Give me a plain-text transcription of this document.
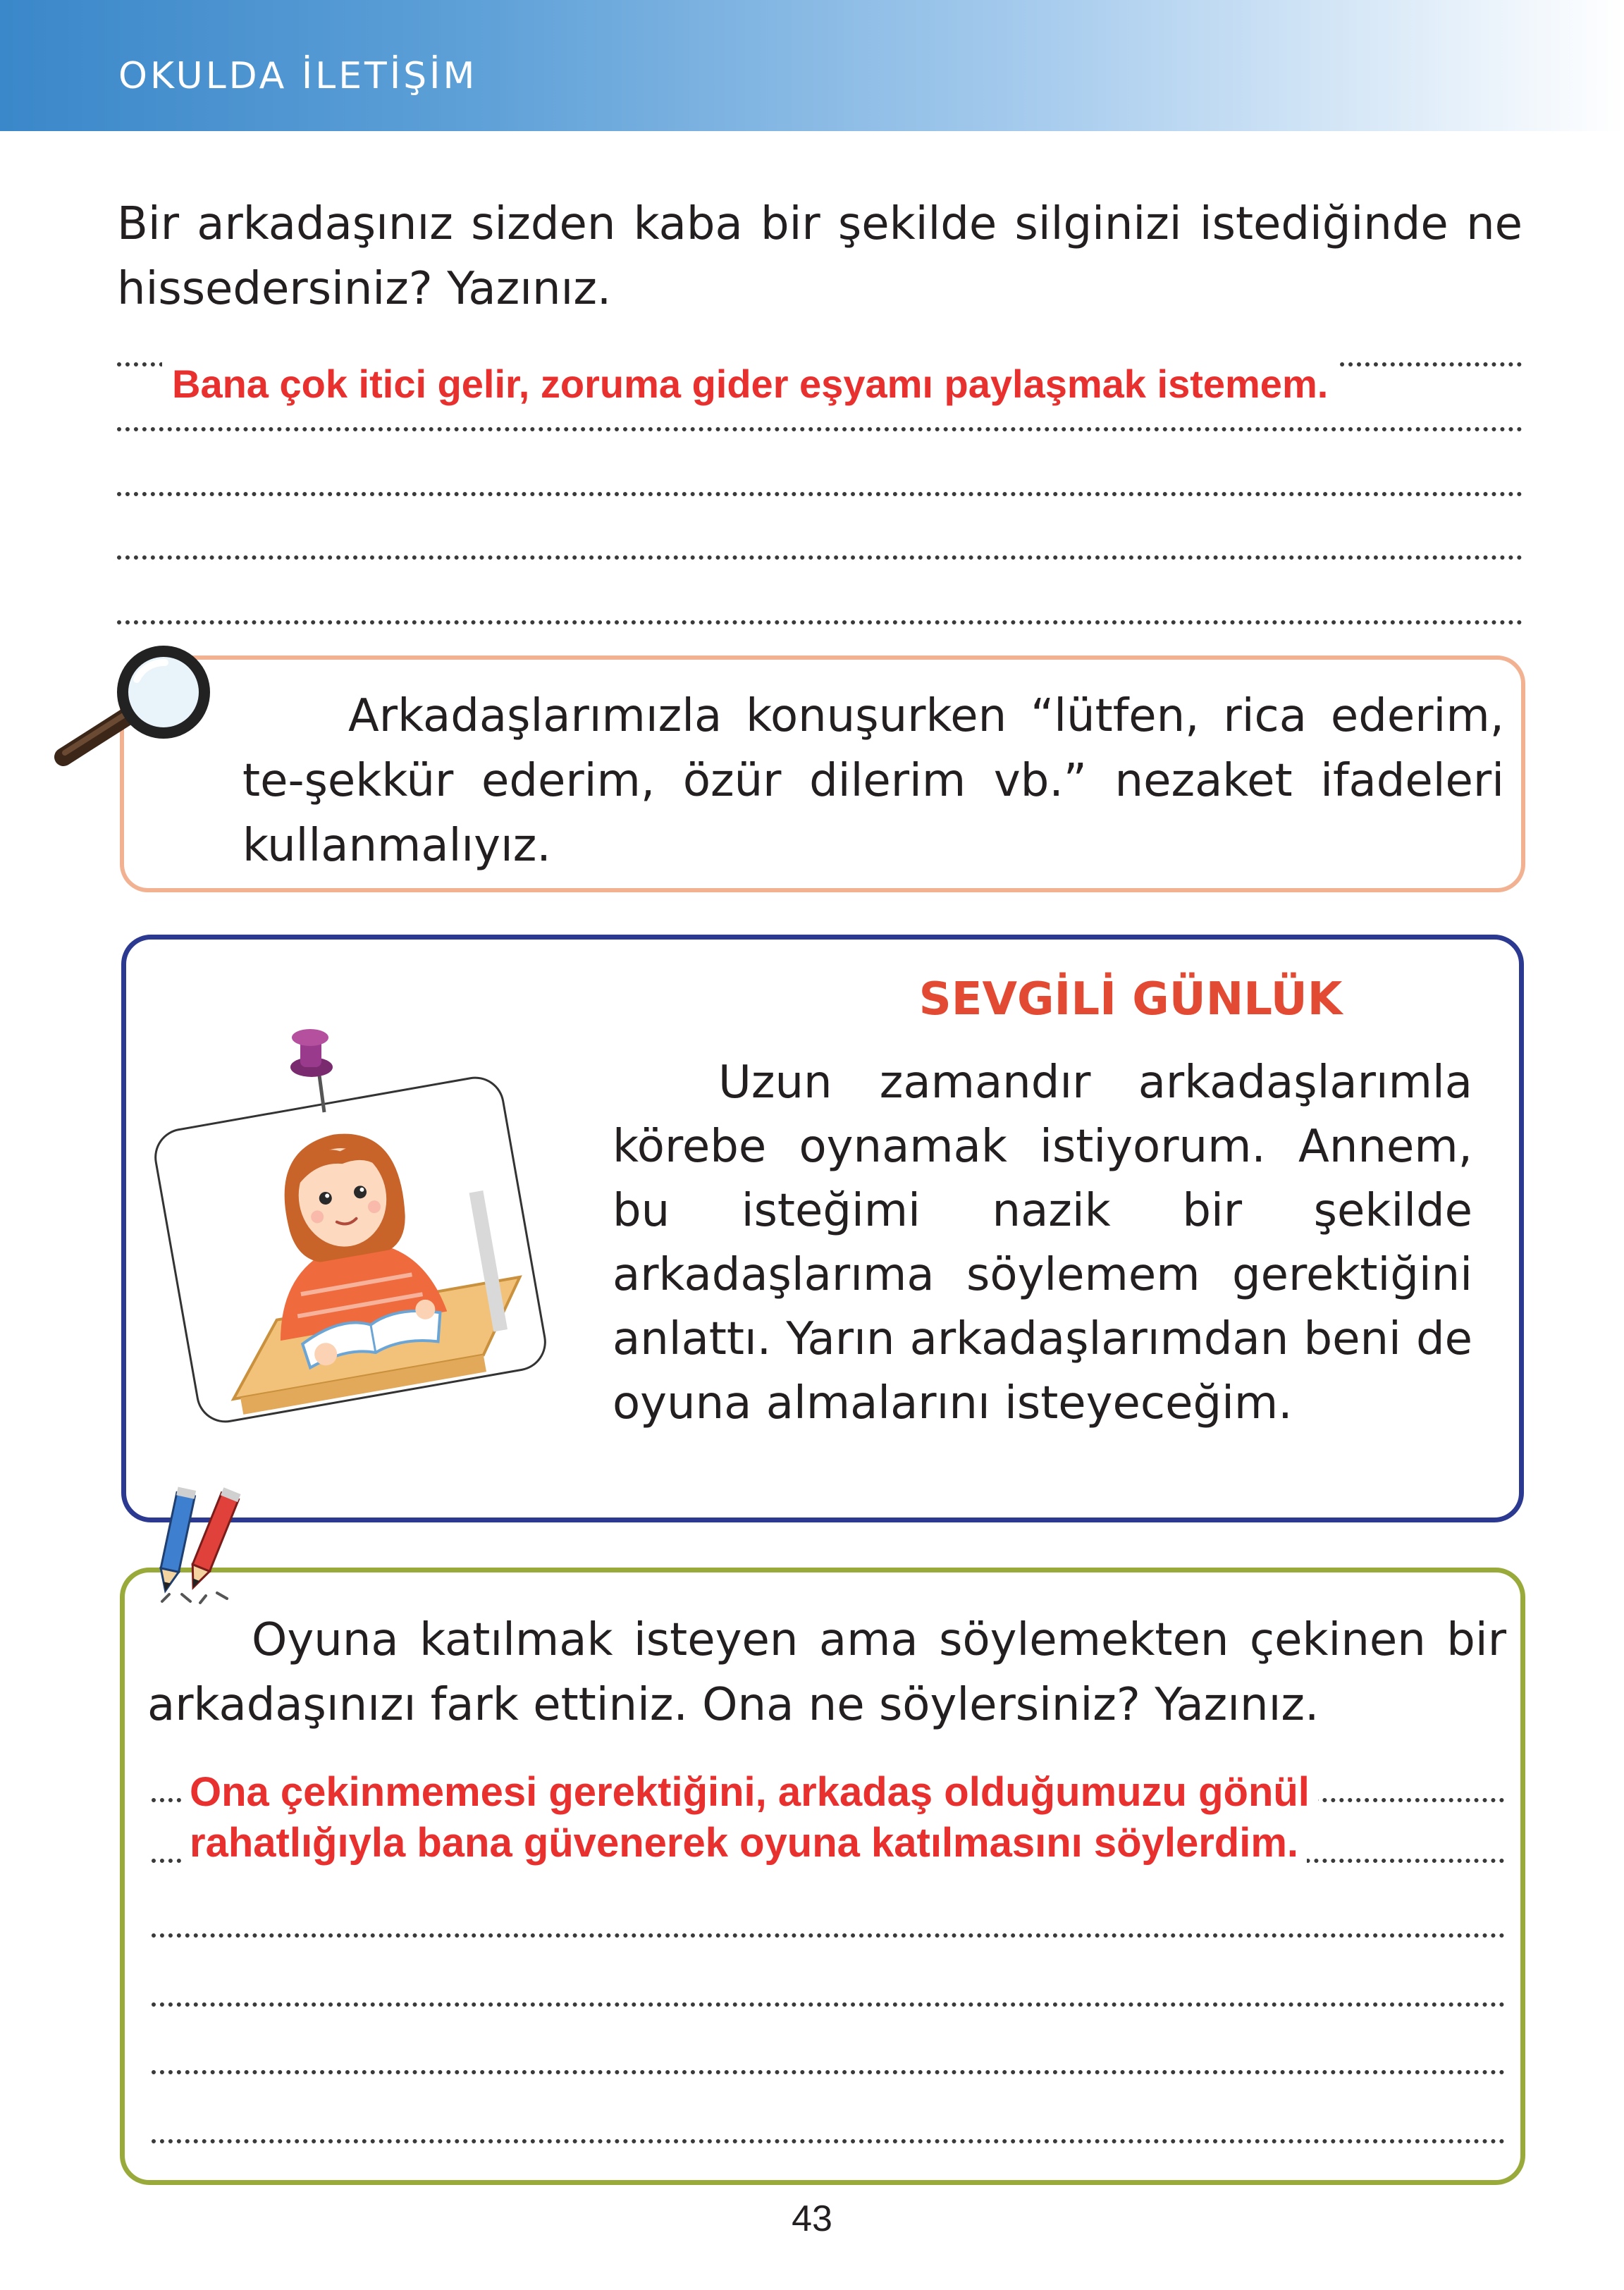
OKULDA İLETİŞİM
Bir arkadaşınız sizden kaba bir şekilde silginizi istediğinde ne hissedersiniz? Yazınız.
Bana çok itici gelir, zoruma gider eşyamı paylaşmak istemem.
Arkadaşlarımızla konuşurken “lütfen, rica ederim, te-şekkür ederim, özür dilerim vb.” nezaket ifadeleri kullanmalıyız.
SEVGİLİ GÜNLÜK
Uzun zamandır arkadaşlarımla körebe oynamak istiyorum. Annem, bu isteğimi nazik bir şekilde arkadaşlarıma söylemem gerektiğini anlattı. Yarın arkadaşlarımdan beni de oyuna almalarını isteyeceğim.
Oyuna katılmak isteyen ama söylemekten çekinen bir arkadaşınızı fark ettiniz. Ona ne söylersiniz? Yazınız.
Ona çekinmemesi gerektiğini, arkadaş olduğumuzu gönül
rahatlığıyla bana güvenerek oyuna katılmasını söylerdim.
43
